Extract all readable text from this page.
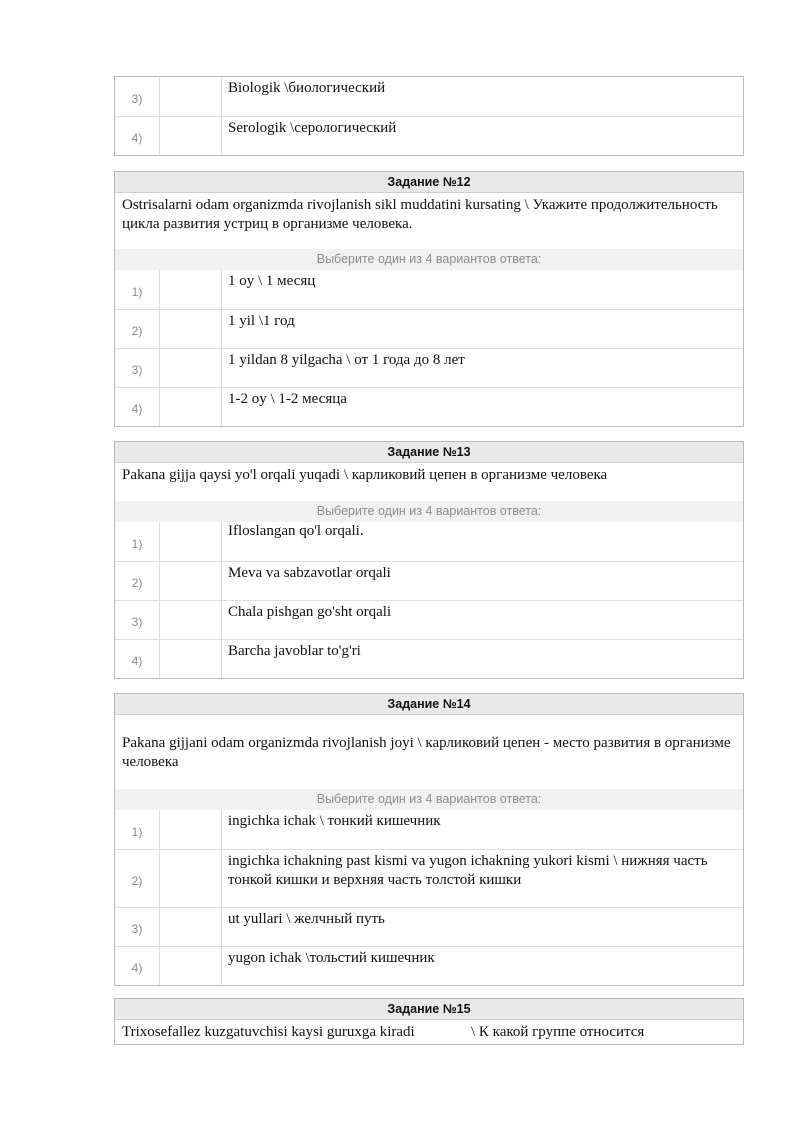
3)
Biologik \биологический
4)
Serologik \серологический
Задание №12
Ostrisalarni odam organizmda rivojlanish sikl muddatini kursating \ Укажите продолжительность цикла развития устриц в организме человека.
Выберите один из 4 вариантов ответа:
1)
1 oy \ 1 месяц
2)
1 yil \1 год
3)
1 yildan 8 yilgacha \ от 1 года до 8 лет
4)
1-2 oy \ 1-2 месяца
Задание №13
Pakana gijja qaysi yo'l orqali yuqadi \ карликовий цепен в организме человека
Выберите один из 4 вариантов ответа:
1)
Ifloslangan qo'l orqali.
2)
Meva va sabzavotlar orqali
3)
Chala pishgan go'sht orqali
4)
Barcha javoblar to'g'ri
Задание №14
Pakana gijjani odam organizmda rivojlanish joyi \ карликовий цепен - место развития в организме человека
Выберите один из 4 вариантов ответа:
1)
ingichka ichak \ тонкий кишечник
2)
ingichka ichakning past kismi va yugon ichakning yukori kismi \ нижняя часть тонкой кишки и верхняя часть толстой кишки
3)
ut yullari \ желчный путь
4)
yugon ichak \тольстий кишечник
Задание №15
Trixosefallez kuzgatuvchisi kaysi guruxga kiradi               \ К какой группе относится
